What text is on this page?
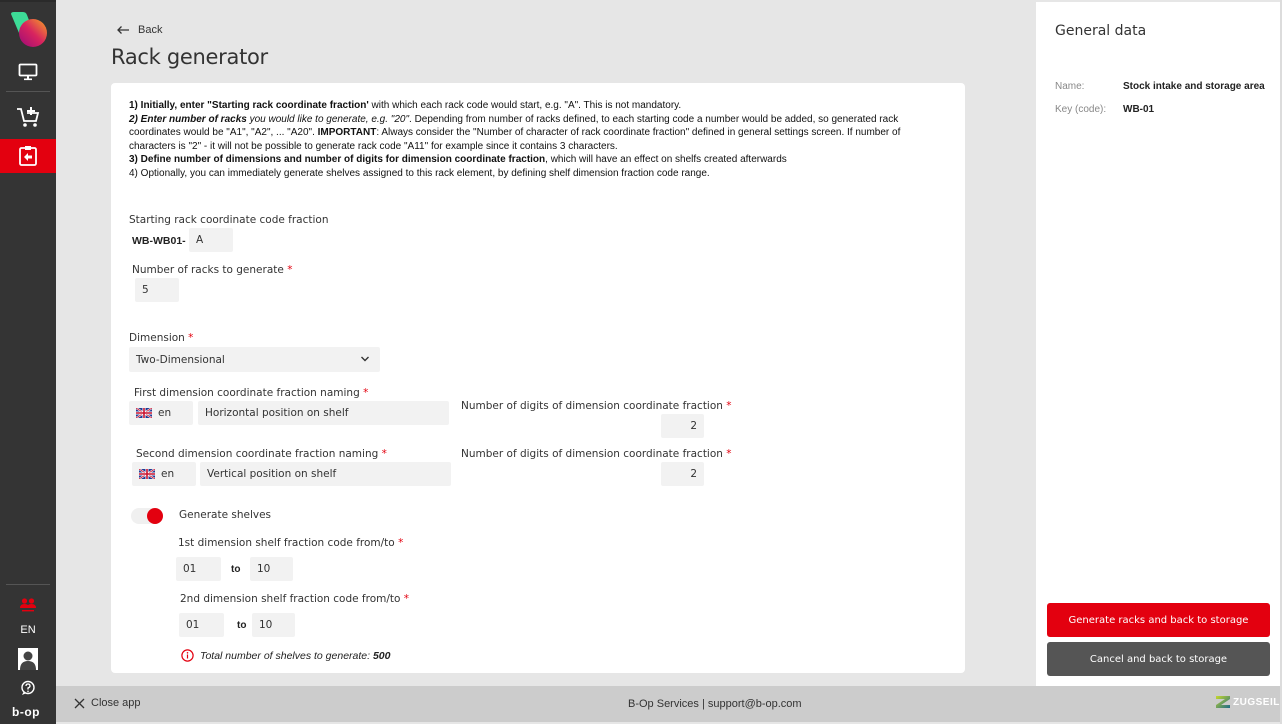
EN
b-op
Back
Rack generator
1) Initially, enter "Starting rack coordinate fraction' with which each rack code would start, e.g. "A". This is not mandatory.
2) Enter number of racks you would like to generate, e.g. "20". Depending from number of racks defined, to each starting code a number would be added, so generated rack coordinates would be "A1", "A2", ... "A20". IMPORTANT: Always consider the "Number of character of rack coordinate fraction" defined in general settings screen. If number of characters is "2" - it will not be possible to generate rack code "A11" for example since it contains 3 characters.
3) Define number of dimensions and number of digits for dimension coordinate fraction, which will have an effect on shelfs created afterwards
4) Optionally, you can immediately generate shelves assigned to this rack element, by defining shelf dimension fraction code range.
Starting rack coordinate code fraction
WB-WB01- A
Number of racks to generate *
5
Dimension *
Two-Dimensional
First dimension coordinate fraction naming *
en	Horizontal position on shelf
Number of digits of dimension coordinate fraction *
2
Second dimension coordinate fraction naming *
en	Vertical position on shelf
Number of digits of dimension coordinate fraction *
2
Generate shelves
1st dimension shelf fraction code from/to *
01	to	10
2nd dimension shelf fraction code from/to *
01	to	10
Total number of shelves to generate: 500
General data
Name:	Stock intake and storage area
Key (code): WB-01
Generate racks and back to storage
Cancel and back to storage
Close app	B-Op Services | support@b-op.com	ZUGSEIL
